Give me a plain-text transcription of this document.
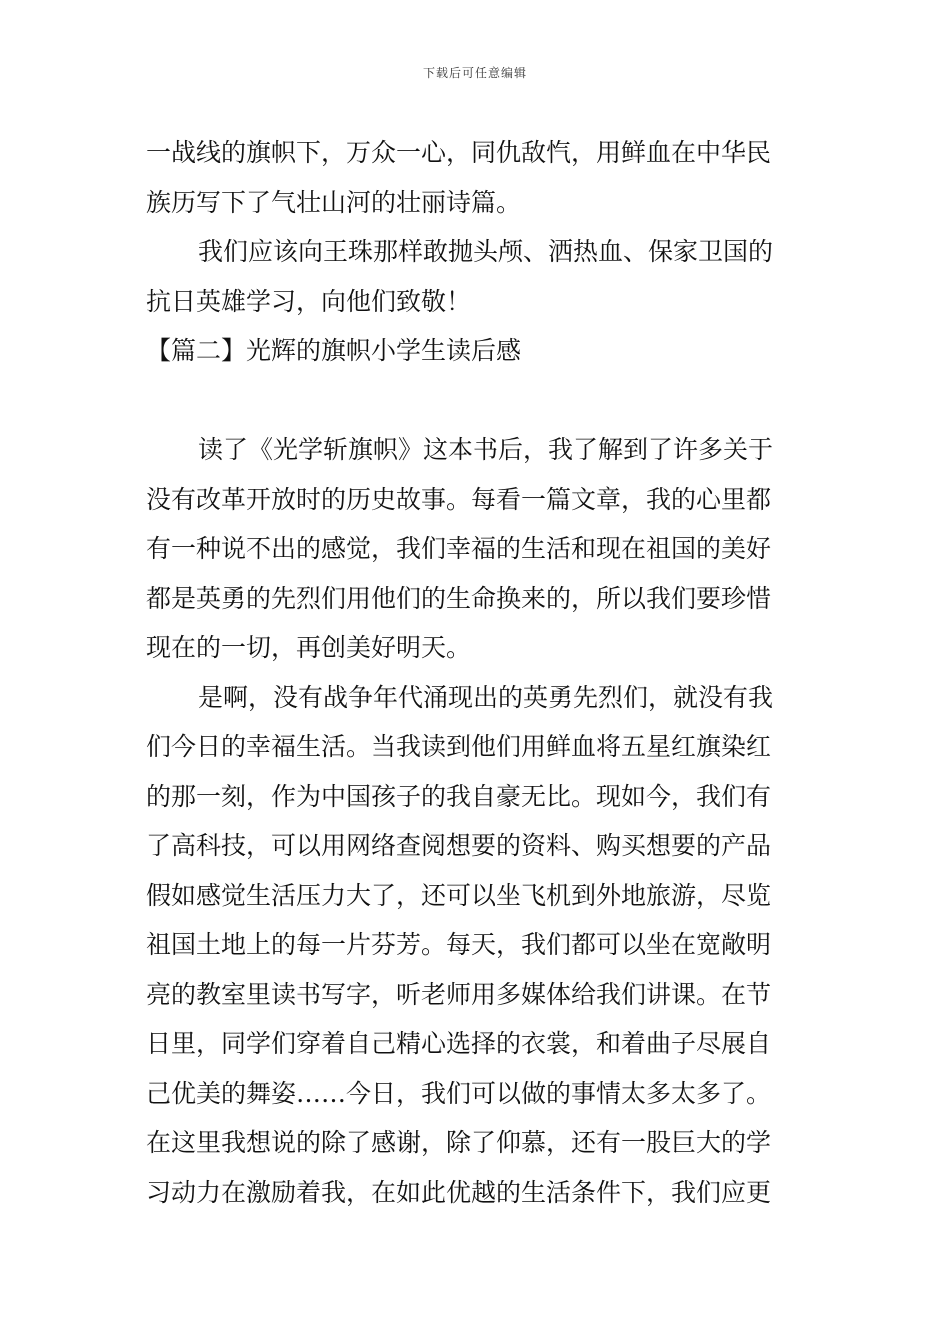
下载后可任意编辑
一战线的旗帜下，万众一心，同仇敌忾，用鲜血在中华民
族历写下了气壮山河的壮丽诗篇。
我们应该向王珠那样敢抛头颅、洒热血、保家卫国的
抗日英雄学习，向他们致敬！
【篇二】光辉的旗帜小学生读后感
读了《光学斩旗帜》这本书后，我了解到了许多关于
没有改革开放时的历史故事。每看一篇文章，我的心里都
有一种说不出的感觉，我们幸福的生活和现在祖国的美好
都是英勇的先烈们用他们的生命换来的，所以我们要珍惜
现在的一切，再创美好明天。
是啊，没有战争年代涌现出的英勇先烈们，就没有我
们今日的幸福生活。当我读到他们用鲜血将五星红旗染红
的那一刻，作为中国孩子的我自豪无比。现如今，我们有
了高科技，可以用网络查阅想要的资料、购买想要的产品
假如感觉生活压力大了，还可以坐飞机到外地旅游，尽览
祖国土地上的每一片芬芳。每天，我们都可以坐在宽敞明
亮的教室里读书写字，听老师用多媒体给我们讲课。在节
日里，同学们穿着自己精心选择的衣裳，和着曲子尽展自
己优美的舞姿……今日，我们可以做的事情太多太多了。
在这里我想说的除了感谢，除了仰慕，还有一股巨大的学
习动力在激励着我，在如此优越的生活条件下，我们应更
